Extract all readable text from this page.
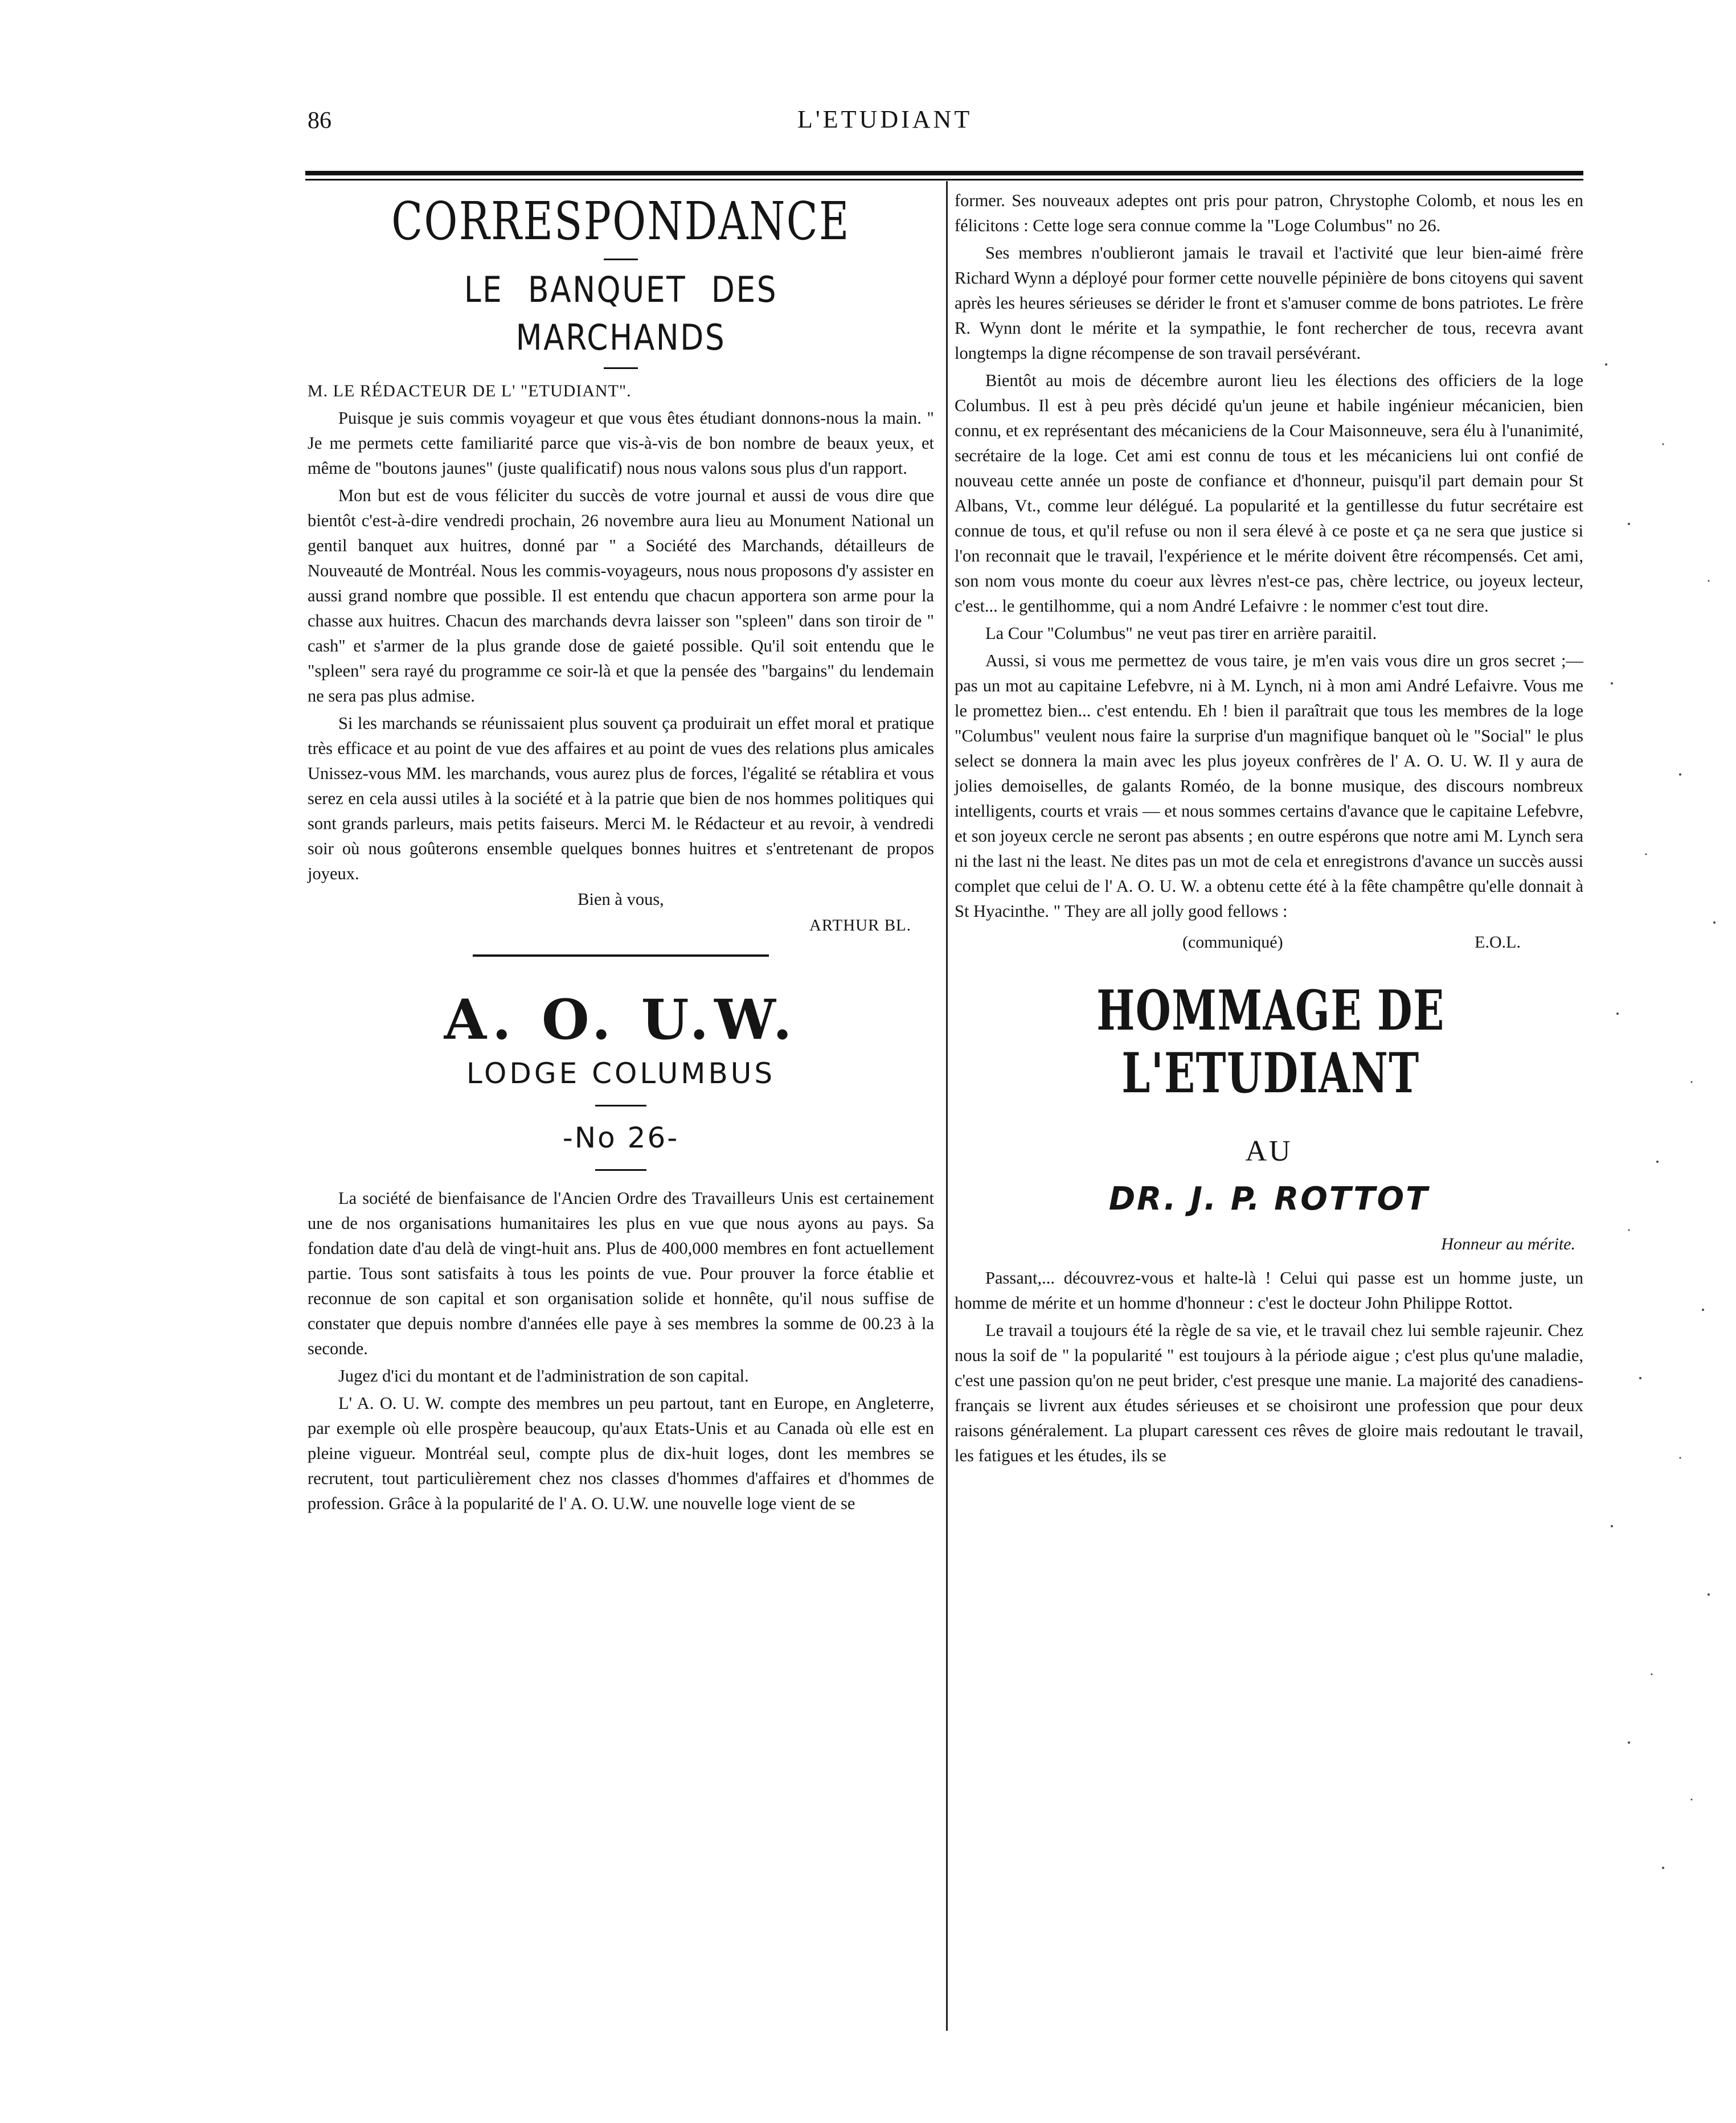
86	L'ETUDIANT
CORRESPONDANCE
LE BANQUET DES MARCHANDS
M. LE RÉDACTEUR DE L' "ETUDIANT".

Puisque je suis commis voyageur et que vous êtes étudiant donnons-nous la main. " Je me permets cette familiarité parce que vis-à-vis de bon nombre de beaux yeux, et même de "boutons jaunes" (juste qualificatif) nous nous valons sous plus d'un rapport.

Mon but est de vous féliciter du succès de votre journal et aussi de vous dire que bientôt c'est-à-dire vendredi prochain, 26 novembre aura lieu au Monument National un gentil banquet aux huitres, donné par " a Société des Marchands, détailleurs de Nouveauté de Montréal. Nous les commis-voyageurs, nous nous proposons d'y assister en aussi grand nombre que possible. Il est entendu que chacun apportera son arme pour la chasse aux huitres. Chacun des marchands devra laisser son "spleen" dans son tiroir de " cash" et s'armer de la plus grande dose de gaieté possible. Qu'il soit entendu que le "spleen" sera rayé du programme ce soir-là et que la pensée des "bargains" du lendemain ne sera pas plus admise.

Si les marchands se réunissaient plus souvent ça produirait un effet moral et pratique très efficace et au point de vue des affaires et au point de vues des relations plus amicales Unissez-vous MM. les marchands, vous aurez plus de forces, l'égalité se rétablira et vous serez en cela aussi utiles à la société et à la patrie que bien de nos hommes politiques qui sont grands parleurs, mais petits faiseurs. Merci M. le Rédacteur et au revoir, à vendredi soir où nous goûterons ensemble quelques bonnes huitres et s'entretenant de propos joyeux.

Bien à vous,
ARTHUR BL.
A. O. U.W.
LODGE COLUMBUS
-No 26-

La société de bienfaisance de l'Ancien Ordre des Travailleurs Unis est certainement une de nos organisations humanitaires les plus en vue que nous ayons au pays. Sa fondation date d'au delà de vingt-huit ans. Plus de 400,000 membres en font actuellement partie. Tous sont satisfaits à tous les points de vue. Pour prouver la force établie et reconnue de son capital et son organisation solide et honnête, qu'il nous suffise de constater que depuis nombre d'années elle paye à ses membres la somme de 00.23 à la seconde.

Jugez d'ici du montant et de l'administration de son capital.

L' A. O. U. W. compte des membres un peu partout, tant en Europe, en Angleterre, par exemple où elle prospère beaucoup, qu'aux Etats-Unis et au Canada où elle est en pleine vigueur. Montréal seul, compte plus de dix-huit loges, dont les membres se recrutent, tout particulièrement chez nos classes d'hommes d'affaires et d'hommes de profession. Grâce à la popularité de l' A. O. U.W. une nouvelle loge vient de se

former. Ses nouveaux adeptes ont pris pour patron, Chrystophe Colomb, et nous les en félicitons : Cette loge sera connue comme la "Loge Columbus" no 26.

Ses membres n'oublieront jamais le travail et l'activité que leur bien-aimé frère Richard Wynn a déployé pour former cette nouvelle pépinière de bons citoyens qui savent après les heures sérieuses se dérider le front et s'amuser comme de bons patriotes. Le frère R. Wynn dont le mérite et la sympathie, le font rechercher de tous, recevra avant longtemps la digne récompense de son travail persévérant.

Bientôt au mois de décembre auront lieu les élections des officiers de la loge Columbus. Il est à peu près décidé qu'un jeune et habile ingénieur mécanicien, bien connu, et ex représentant des mécaniciens de la Cour Maisonneuve, sera élu à l'unanimité, secrétaire de la loge. Cet ami est connu de tous et les mécaniciens lui ont confié de nouveau cette année un poste de confiance et d'honneur, puisqu'il part demain pour St Albans, Vt., comme leur délégué. La popularité et la gentillesse du futur secrétaire est connue de tous, et qu'il refuse ou non il sera élevé à ce poste et ça ne sera que justice si l'on reconnait que le travail, l'expérience et le mérite doivent être récompensés. Cet ami, son nom vous monte du coeur aux lèvres n'est-ce pas, chère lectrice, ou joyeux lecteur, c'est... le gentilhomme, qui a nom André Lefaivre : le nommer c'est tout dire.

La Cour "Columbus" ne veut pas tirer en arrière paraitil.

Aussi, si vous me permettez de vous taire, je m'en vais vous dire un gros secret ;— pas un mot au capitaine Lefebvre, ni à M. Lynch, ni à mon ami André Lefaivre. Vous me le promettez bien... c'est entendu. Eh ! bien il paraîtrait que tous les membres de la loge "Columbus" veulent nous faire la surprise d'un magnifique banquet où le "Social" le plus select se donnera la main avec les plus joyeux confrères de l' A. O. U. W. Il y aura de jolies demoiselles, de galants Roméo, de la bonne musique, des discours nombreux intelligents, courts et vrais — et nous sommes certains d'avance que le capitaine Lefebvre, et son joyeux cercle ne seront pas absents ; en outre espérons que notre ami M. Lynch sera ni the last ni the least. Ne dites pas un mot de cela et enregistrons d'avance un succès aussi complet que celui de l' A. O. U. W. a obtenu cette été à la fête champêtre qu'elle donnait à St Hyacinthe. " They are all jolly good fellows :

(communiqué)	E.O.L.
HOMMAGE DE L'ETUDIANT
AU
DR. J. P. ROTTOT
Honneur au mérite.

Passant,... découvrez-vous et halte-là ! Celui qui passe est un homme juste, un homme de mérite et un homme d'honneur : c'est le docteur John Philippe Rottot.

Le travail a toujours été la règle de sa vie, et le travail chez lui semble rajeunir. Chez nous la soif de " la popularité " est toujours à la période aigue ; c'est plus qu'une maladie, c'est une passion qu'on ne peut brider, c'est presque une manie. La majorité des canadiens-français se livrent aux études sérieuses et se choisiront une profession que pour deux raisons généralement. La plupart caressent ces rêves de gloire mais redoutant le travail, les fatigues et les études, ils se
